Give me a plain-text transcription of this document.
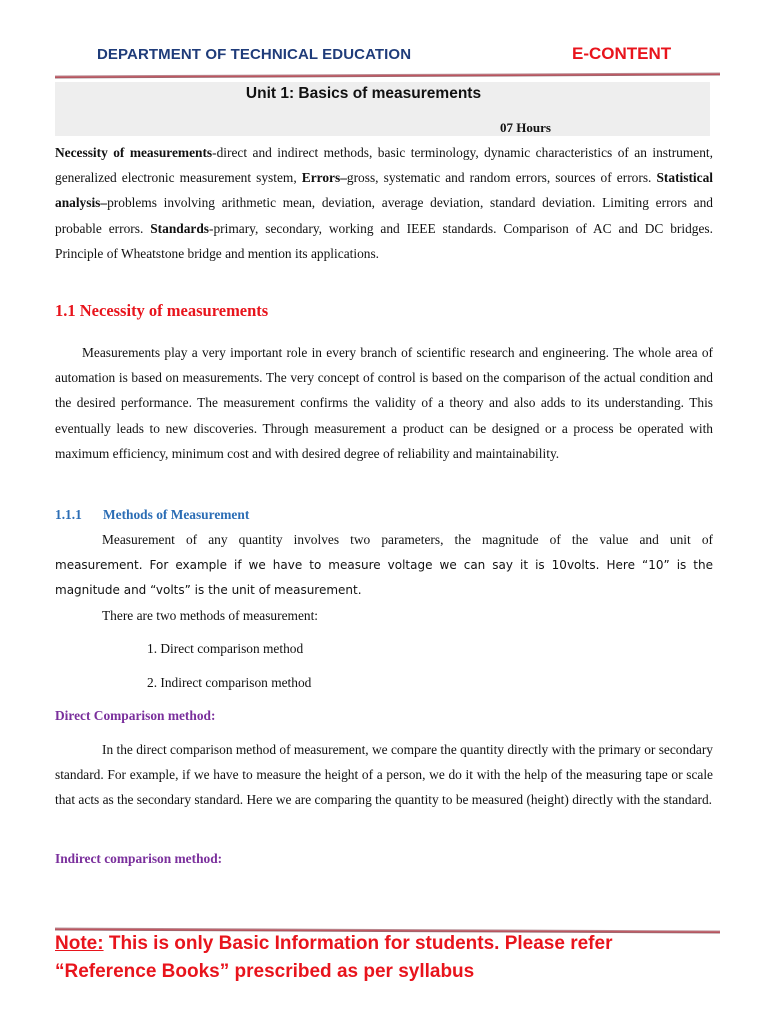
DEPARTMENT OF TECHNICAL EDUCATION	E-CONTENT
Unit 1: Basics of measurements
07 Hours

Necessity of measurements-direct and indirect methods, basic terminology, dynamic characteristics of an instrument, generalized electronic measurement system, Errors–gross, systematic and random errors, sources of errors. Statistical analysis–problems involving arithmetic mean, deviation, average deviation, standard deviation. Limiting errors and probable errors. Standards-primary, secondary, working and IEEE standards. Comparison of AC and DC bridges. Principle of Wheatstone bridge and mention its applications.

1.1 Necessity of measurements

Measurements play a very important role in every branch of scientific research and engineering. The whole area of automation is based on measurements. The very concept of control is based on the comparison of the actual condition and the desired performance. The measurement confirms the validity of a theory and also adds to its understanding. This eventually leads to new discoveries. Through measurement a product can be designed or a process be operated with maximum efficiency, minimum cost and with desired degree of reliability and maintainability.

1.1.1 Methods of Measurement
Measurement of any quantity involves two parameters, the magnitude of the value and unit of
measurement. For example if we have to measure voltage we can say it is 10volts. Here “10” is the
magnitude and “volts” is the unit of measurement.
There are two methods of measurement:
1. Direct comparison method
2. Indirect comparison method
Direct Comparison method:

In the direct comparison method of measurement, we compare the quantity directly with the primary or secondary standard. For example, if we have to measure the height of a person, we do it with the help of the measuring tape or scale that acts as the secondary standard. Here we are comparing the quantity to be measured (height) directly with the standard.

Indirect comparison method:
Note: This is only Basic Information for students. Please refer
“Reference Books” prescribed as per syllabus
